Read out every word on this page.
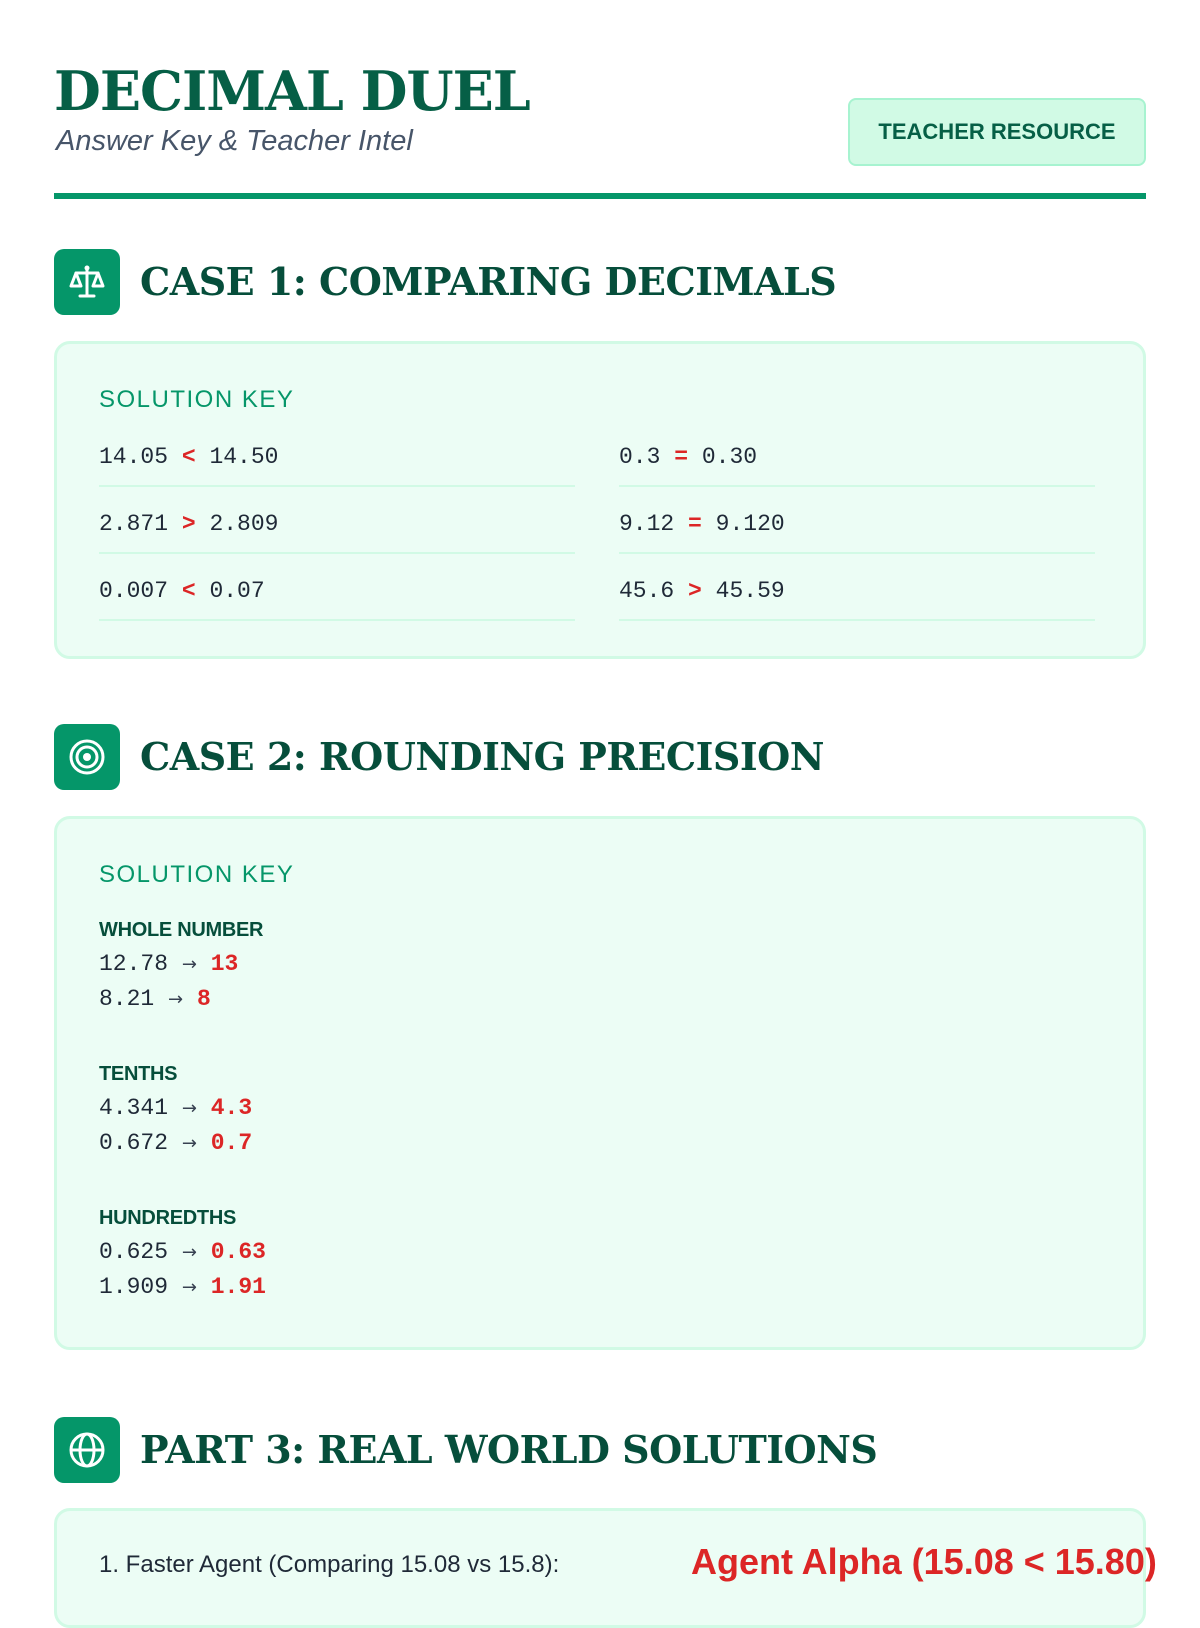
DECIMAL DUEL
Answer Key & Teacher Intel	TEACHER RESOURCE
CASE 1: COMPARING DECIMALS
SOLUTION KEY
14.05 < 14.50	0.3 = 0.30
2.871 > 2.809	9.12 = 9.120
0.007 < 0.07	45.6 > 45.59
CASE 2: ROUNDING PRECISION
SOLUTION KEY
WHOLE NUMBER
12.78 → 13
8.21 → 8
TENTHS
4.341 → 4.3
0.672 → 0.7
HUNDREDTHS
0.625 → 0.63
1.909 → 1.91
PART 3: REAL WORLD SOLUTIONS
1. Faster Agent (Comparing 15.08 vs 15.8):	Agent Alpha (15.08 < 15.80)
